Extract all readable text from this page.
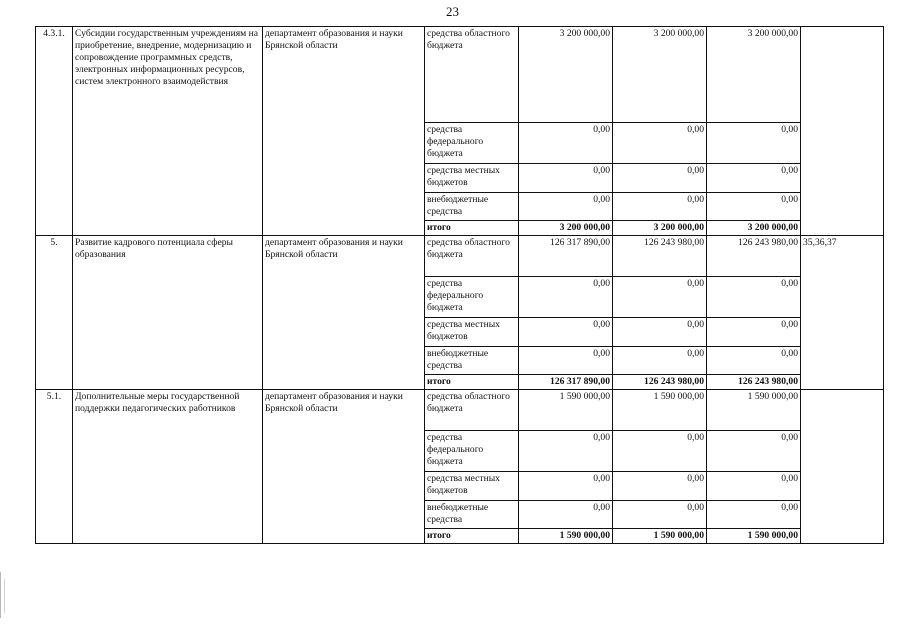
23
4.3.1.	Субсидии государственным учреждениям на приобретение, внедрение, модернизацию и сопровождение программных средств, электронных информационных ресурсов, систем электронного взаимодействия	департамент образования и науки Брянской области	средства областного бюджета	3 200 000,00	3 200 000,00	3 200 000,00	
			средства федерального бюджета	0,00	0,00	0,00	
			средства местных бюджетов	0,00	0,00	0,00	
			внебюджетные средства	0,00	0,00	0,00	
			итого	3 200 000,00	3 200 000,00	3 200 000,00	
5.	Развитие кадрового потенциала сферы образования	департамент образования и науки Брянской области	средства областного бюджета	126 317 890,00	126 243 980,00	126 243 980,00	35,36,37
			средства федерального бюджета	0,00	0,00	0,00	
			средства местных бюджетов	0,00	0,00	0,00	
			внебюджетные средства	0,00	0,00	0,00	
			итого	126 317 890,00	126 243 980,00	126 243 980,00	
5.1.	Дополнительные меры государственной поддержки педагогических работников	департамент образования и науки Брянской области	средства областного бюджета	1 590 000,00	1 590 000,00	1 590 000,00	
			средства федерального бюджета	0,00	0,00	0,00	
			средства местных бюджетов	0,00	0,00	0,00	
			внебюджетные средства	0,00	0,00	0,00	
			итого	1 590 000,00	1 590 000,00	1 590 000,00	
